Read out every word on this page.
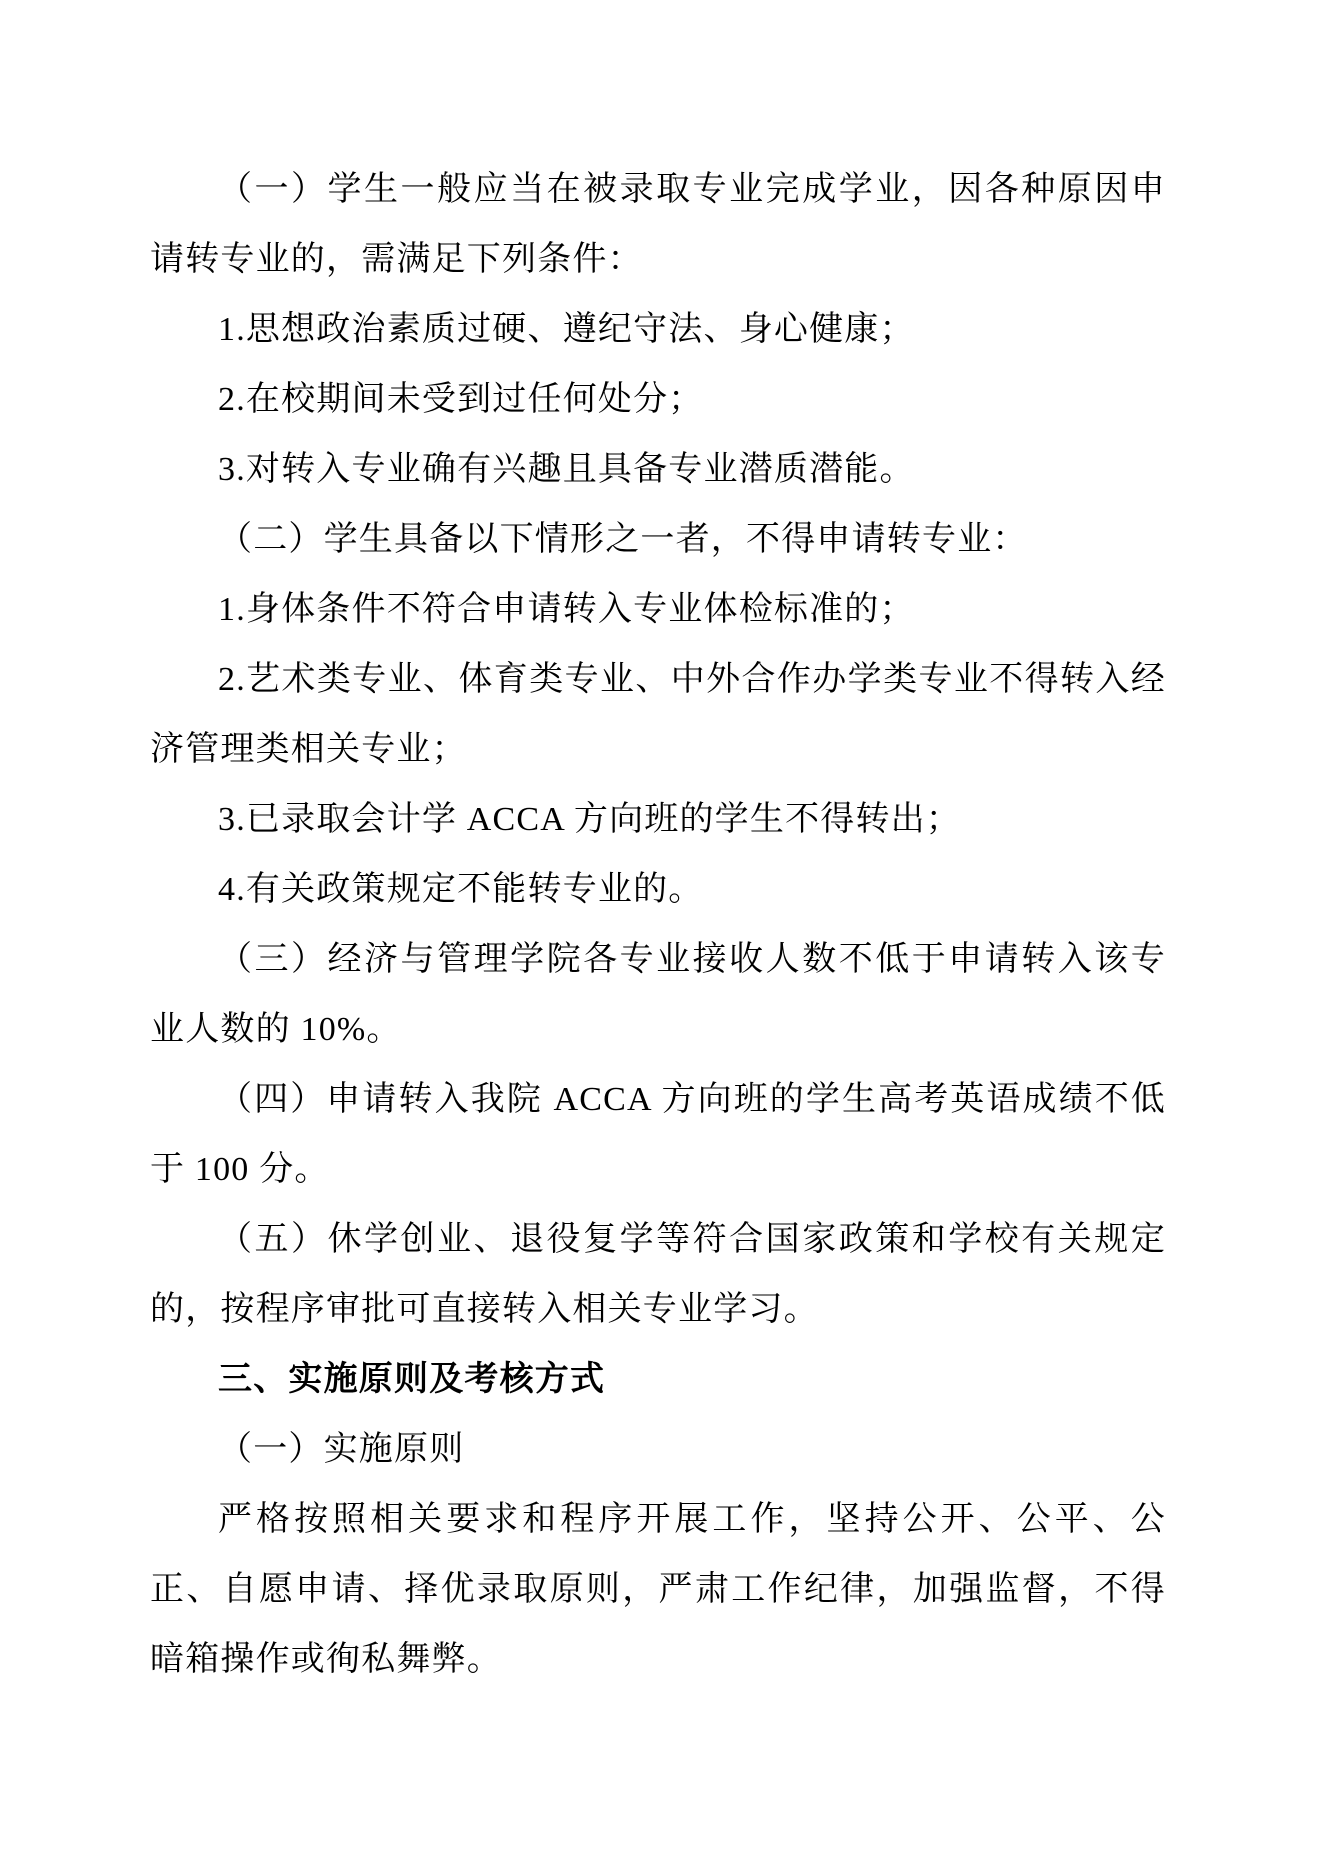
（一）学生一般应当在被录取专业完成学业，因各种原因申请转专业的，需满足下列条件：

1.思想政治素质过硬、遵纪守法、身心健康；

2.在校期间未受到过任何处分；

3.对转入专业确有兴趣且具备专业潜质潜能。

（二）学生具备以下情形之一者，不得申请转专业：

1.身体条件不符合申请转入专业体检标准的；

2.艺术类专业、体育类专业、中外合作办学类专业不得转入经济管理类相关专业；

3.已录取会计学 ACCA 方向班的学生不得转出；

4.有关政策规定不能转专业的。

（三）经济与管理学院各专业接收人数不低于申请转入该专业人数的 10%。

（四）申请转入我院 ACCA 方向班的学生高考英语成绩不低于 100 分。

（五）休学创业、退役复学等符合国家政策和学校有关规定的，按程序审批可直接转入相关专业学习。

三、实施原则及考核方式

（一）实施原则

严格按照相关要求和程序开展工作，坚持公开、公平、公正、自愿申请、择优录取原则，严肃工作纪律，加强监督，不得暗箱操作或徇私舞弊。
